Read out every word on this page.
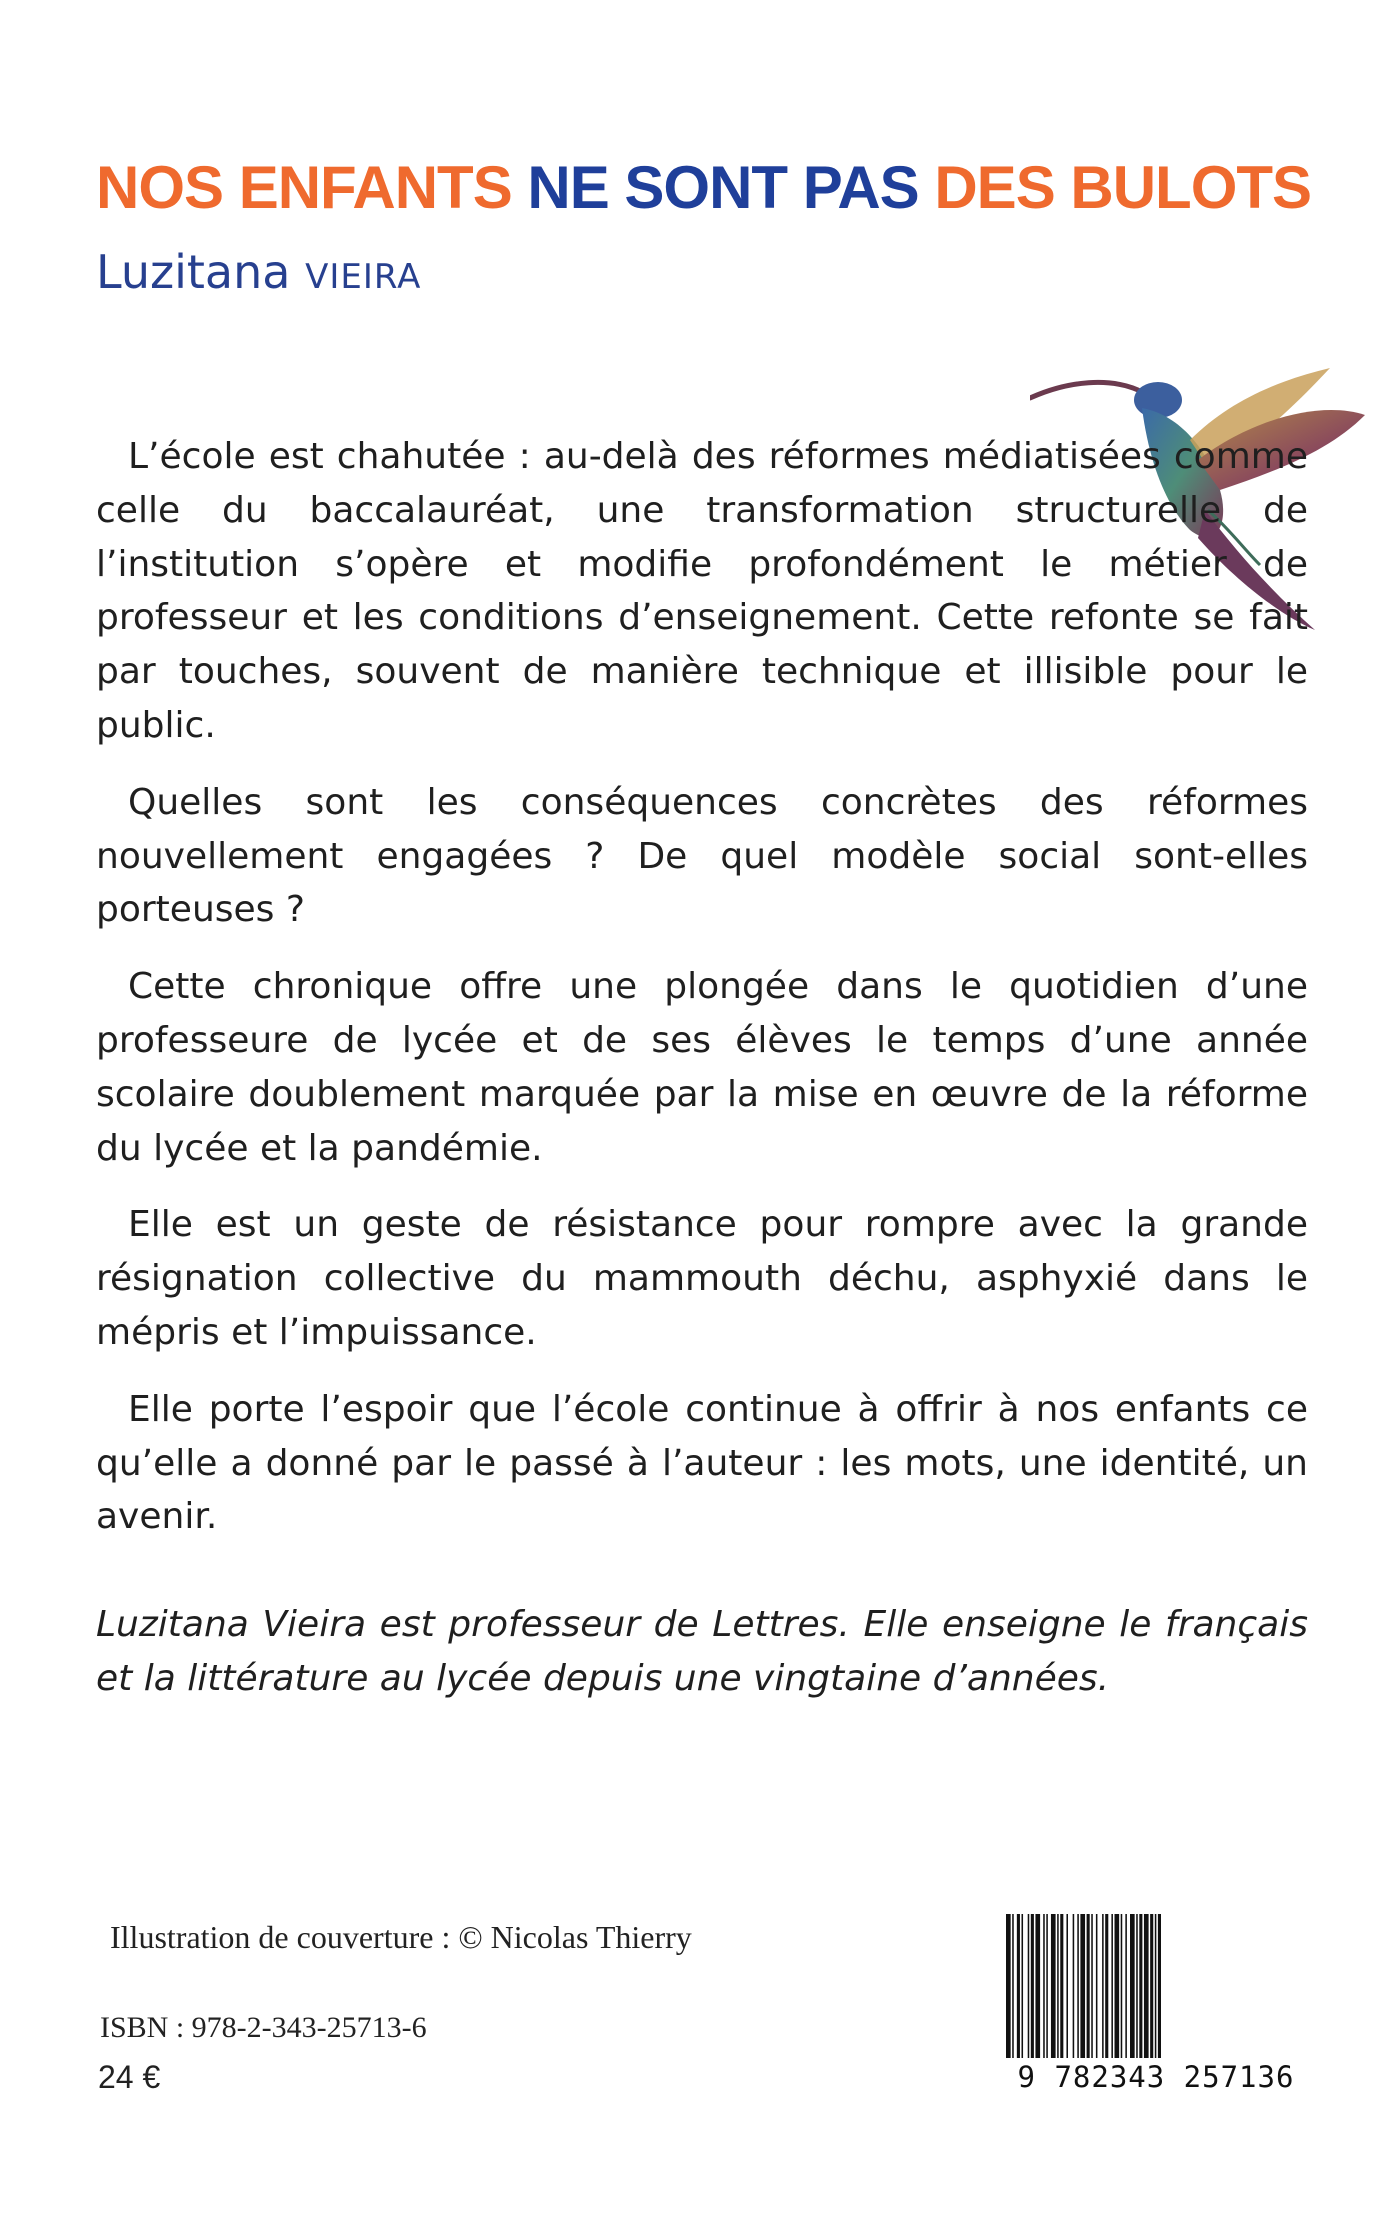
NOS ENFANTS NE SONT PAS DES BULOTS
Luzitana VIEIRA

L’école est chahutée : au-delà des réformes médiatisées comme celle du baccalauréat, une transformation structurelle de l’institution s’opère et modifie profondément le métier de professeur et les conditions d’enseignement. Cette refonte se fait par touches, souvent de manière technique et illisible pour le public.

Quelles sont les conséquences concrètes des réformes nouvellement engagées ? De quel modèle social sont-elles porteuses ?

Cette chronique offre une plongée dans le quotidien d’une professeure de lycée et de ses élèves le temps d’une année scolaire doublement marquée par la mise en œuvre de la réforme du lycée et la pandémie.

Elle est un geste de résistance pour rompre avec la grande résignation collective du mammouth déchu, asphyxié dans le mépris et l’impuissance.

Elle porte l’espoir que l’école continue à offrir à nos enfants ce qu’elle a donné par le passé à l’auteur : les mots, une identité, un avenir.

Luzitana Vieira est professeur de Lettres. Elle enseigne le français et la littérature au lycée depuis une vingtaine d’années.

Illustration de couverture : © Nicolas Thierry

ISBN : 978-2-343-25713-6

24 €	9 782343 257136
